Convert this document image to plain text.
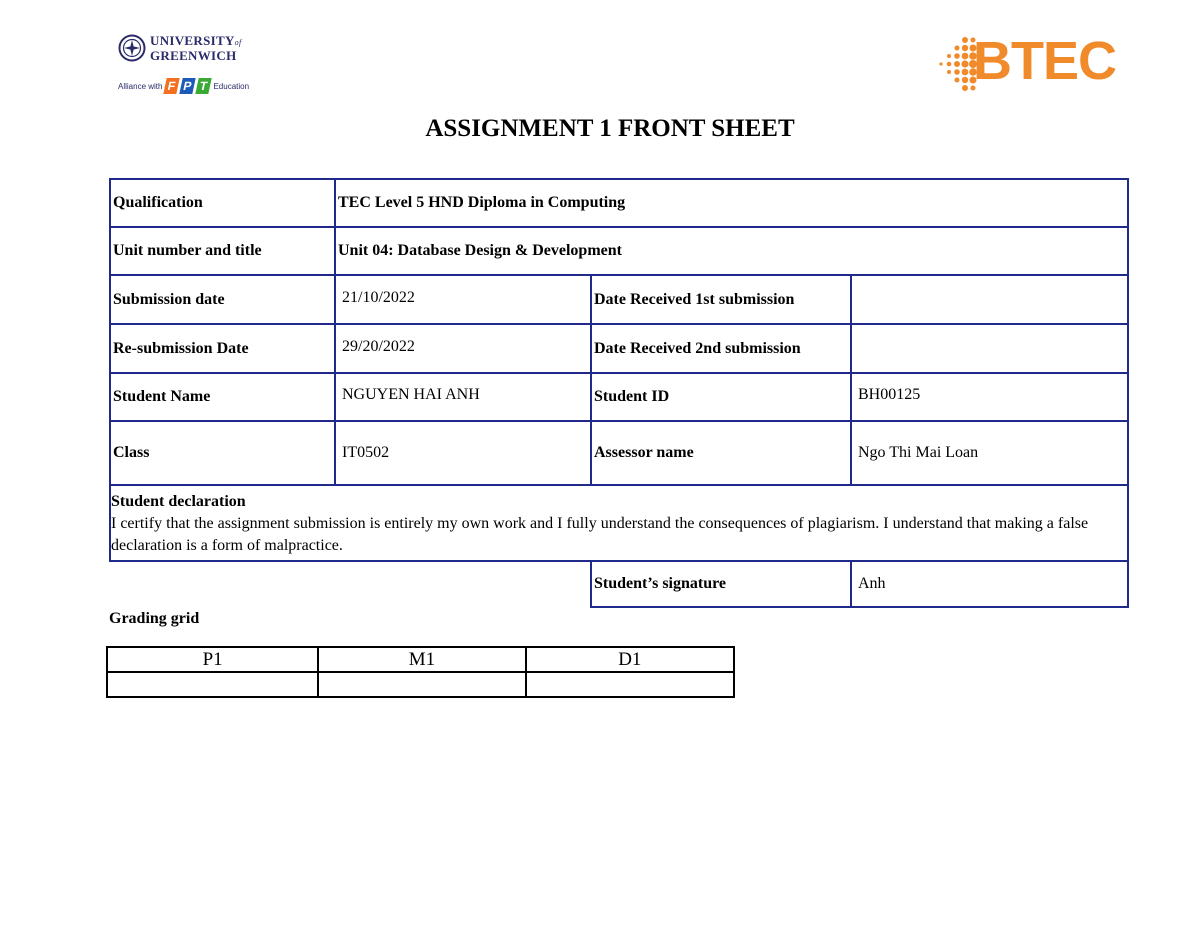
UNIVERSITYof
GREENWICH
Alliance with F P T Education	BTEC
ASSIGNMENT 1 FRONT SHEET
Qualification	TEC Level 5 HND Diploma in Computing
Unit number and title	Unit 04: Database Design & Development
Submission date	21/10/2022	Date Received 1st submission
Re-submission Date	29/20/2022	Date Received 2nd submission
Student Name	NGUYEN HAI ANH	Student ID	BH00125
Class	IT0502	Assessor name	Ngo Thi Mai Loan
Student declaration
I certify that the assignment submission is entirely my own work and I fully understand the consequences of plagiarism. I understand that making a false declaration is a form of malpractice.
Student’s signature	Anh
Grading grid
P1	M1	D1
